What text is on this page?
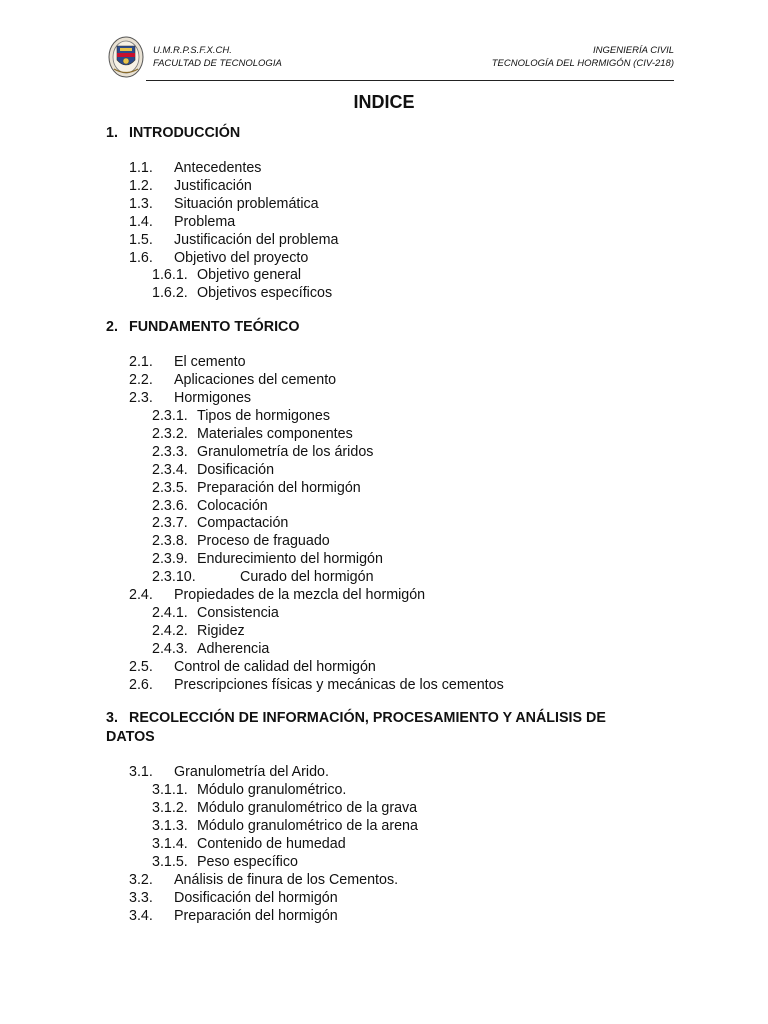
U.M.R.P.S.F.X.CH.
FACULTAD DE TECNOLOGIA
INGENIERÍA CIVIL
TECNOLOGÍA DEL HORMIGÓN (CIV-218)
INDICE

1. INTRODUCCIÓN

1.1. Antecedentes
1.2. Justificación
1.3. Situación problemática
1.4. Problema
1.5. Justificación del problema
1.6. Objetivo del proyecto
1.6.1. Objetivo general
1.6.2. Objetivos específicos

2. FUNDAMENTO TEÓRICO

2.1. El cemento
2.2. Aplicaciones del cemento
2.3. Hormigones
2.3.1. Tipos de hormigones
2.3.2. Materiales componentes
2.3.3. Granulometría de los áridos
2.3.4. Dosificación
2.3.5. Preparación del hormigón
2.3.6. Colocación
2.3.7. Compactación
2.3.8. Proceso de fraguado
2.3.9. Endurecimiento del hormigón
2.3.10.	Curado del hormigón
2.4. Propiedades de la mezcla del hormigón
2.4.1. Consistencia
2.4.2. Rigidez
2.4.3. Adherencia
2.5. Control de calidad del hormigón
2.6. Prescripciones físicas y mecánicas de los cementos

3. RECOLECCIÓN DE INFORMACIÓN, PROCESAMIENTO Y ANÁLISIS DE
DATOS

3.1. Granulometría del Arido.
3.1.1. Módulo granulométrico.
3.1.2. Módulo granulométrico de la grava
3.1.3. Módulo granulométrico de la arena
3.1.4. Contenido de humedad
3.1.5. Peso específico
3.2. Análisis de finura de los Cementos.
3.3. Dosificación del hormigón
3.4. Preparación del hormigón
